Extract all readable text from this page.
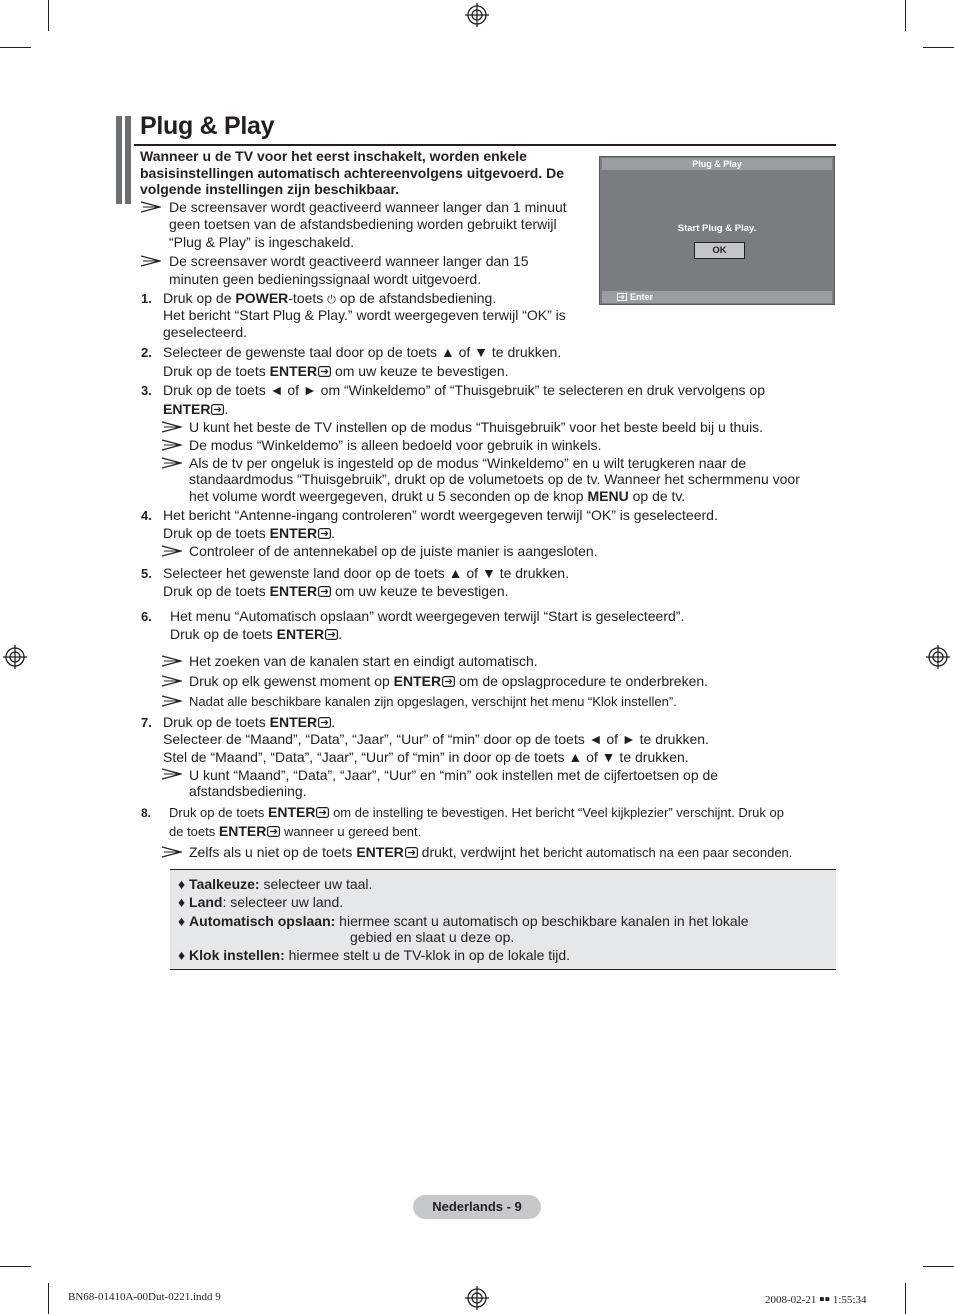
Plug & Play
Wanneer u de TV voor het eerst inschakelt, worden enkele basisinstellingen automatisch achtereenvolgens uitgevoerd. De volgende instellingen zijn beschikbaar.
De screensaver wordt geactiveerd wanneer langer dan 1 minuut
geen toetsen van de afstandsbediening worden gebruikt terwijl
“Plug & Play” is ingeschakeld.
De screensaver wordt geactiveerd wanneer langer dan 15
minuten geen bedieningssignaal wordt uitgevoerd.
Plug & Play
Start Plug & Play.
OK
Enter
1. Druk op de POWER-toets ⏻ op de afstandsbediening.
Het bericht “Start Plug & Play.” wordt weergegeven terwijl “OK” is
geselecteerd.
2. Selecteer de gewenste taal door op de toets ▲ of ▼ te drukken.
Druk op de toets ENTER om uw keuze te bevestigen.
3. Druk op de toets ◄ of ► om “Winkeldemo” of “Thuisgebruik” te selecteren en druk vervolgens op
ENTER .
U kunt het beste de TV instellen op de modus “Thuisgebruik” voor het beste beeld bij u thuis.
De modus “Winkeldemo” is alleen bedoeld voor gebruik in winkels.
Als de tv per ongeluk is ingesteld op de modus “Winkeldemo” en u wilt terugkeren naar de
standaardmodus “Thuisgebruik”, drukt op de volumetoets op de tv. Wanneer het schermmenu voor
het volume wordt weergegeven, drukt u 5 seconden op de knop MENU op de tv.
4. Het bericht “Antenne-ingang controleren” wordt weergegeven terwijl “OK” is geselecteerd.
Druk op de toets ENTER .
Controleer of de antennekabel op de juiste manier is aangesloten.
5. Selecteer het gewenste land door op de toets ▲ of ▼ te drukken.
Druk op de toets ENTER om uw keuze te bevestigen.
6. Het menu “Automatisch opslaan” wordt weergegeven terwijl “Start is geselecteerd”.
Druk op de toets ENTER .
Het zoeken van de kanalen start en eindigt automatisch.
Druk op elk gewenst moment op ENTER om de opslagprocedure te onderbreken.
Nadat alle beschikbare kanalen zijn opgeslagen, verschijnt het menu “Klok instellen”.
7. Druk op de toets ENTER .
Selecteer de “Maand”, “Data”, “Jaar”, “Uur” of “min” door op de toets ◄ of ► te drukken.
Stel de “Maand”, “Data”, “Jaar”, “Uur” of “min” in door op de toets ▲ of ▼ te drukken.
U kunt “Maand”, “Data”, “Jaar”, “Uur” en “min” ook instellen met de cijfertoetsen op de
afstandsbediening.
8. Druk op de toets ENTER om de instelling te bevestigen. Het bericht “Veel kijkplezier” verschijnt. Druk op
de toets ENTER wanneer u gereed bent.
Zelfs als u niet op de toets ENTER drukt, verdwijnt het bericht automatisch na een paar seconden.
♦ Taalkeuze: selecteer uw taal.
♦ Land: selecteer uw land.
♦ Automatisch opslaan: hiermee scant u automatisch op beschikbare kanalen in het lokale
gebied en slaat u deze op.
♦ Klok instellen: hiermee stelt u de TV-klok in op de lokale tijd.
Nederlands - 9
BN68-01410A-00Dut-0221.indd 9	2008-02-21 ￭￭ 1:55:34
